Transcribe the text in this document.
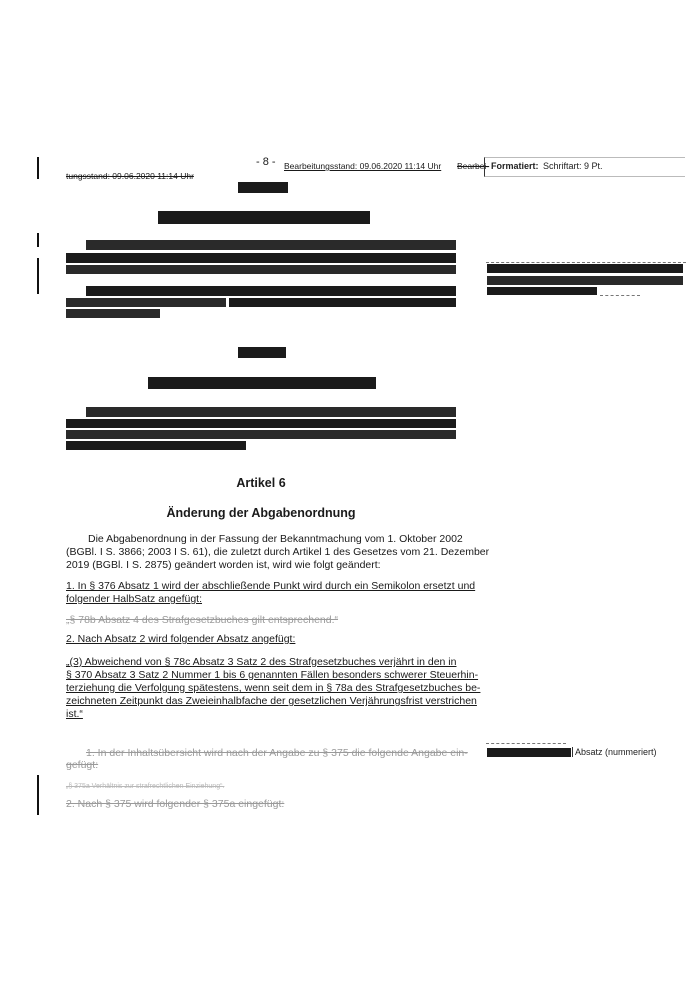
- 8 - Bearbeitungsstand: 09.06.2020 11:14 Uhr Bearbei-
tungsstand: 09.06.2020 11:14 Uhr
Formatiert: Schriftart: 9 Pt.
Artikel 6
Änderung der Abgabenordnung
Die Abgabenordnung in der Fassung der Bekanntmachung vom 1. Oktober 2002
(BGBl. I S. 3866; 2003 I S. 61), die zuletzt durch Artikel 1 des Gesetzes vom 21. Dezember
2019 (BGBl. I S. 2875) geändert worden ist, wird wie folgt geändert:
1. In § 376 Absatz 1 wird der abschließende Punkt wird durch ein Semikolon ersetzt und
folgender HalbSatz angefügt:
„§ 78b Absatz 4 des Strafgesetzbuches gilt entsprechend.“
2. Nach Absatz 2 wird folgender Absatz angefügt:
„(3) Abweichend von § 78c Absatz 3 Satz 2 des Strafgesetzbuches verjährt in den in
§ 370 Absatz 3 Satz 2 Nummer 1 bis 6 genannten Fällen besonders schwerer Steuerhin-
terziehung die Verfolgung spätestens, wenn seit dem in § 78a des Strafgesetzbuches be-
zeichneten Zeitpunkt das Zweieinhalbfache der gesetzlichen Verjährungsfrist verstrichen
ist.“
1. In der Inhaltsübersicht wird nach der Angabe zu § 375 die folgende Angabe ein-
gefügt:
„§ 375a Verhältnis zur strafrechtlichen Einziehung“.
2. Nach § 375 wird folgender § 375a eingefügt:
Absatz (nummeriert)
